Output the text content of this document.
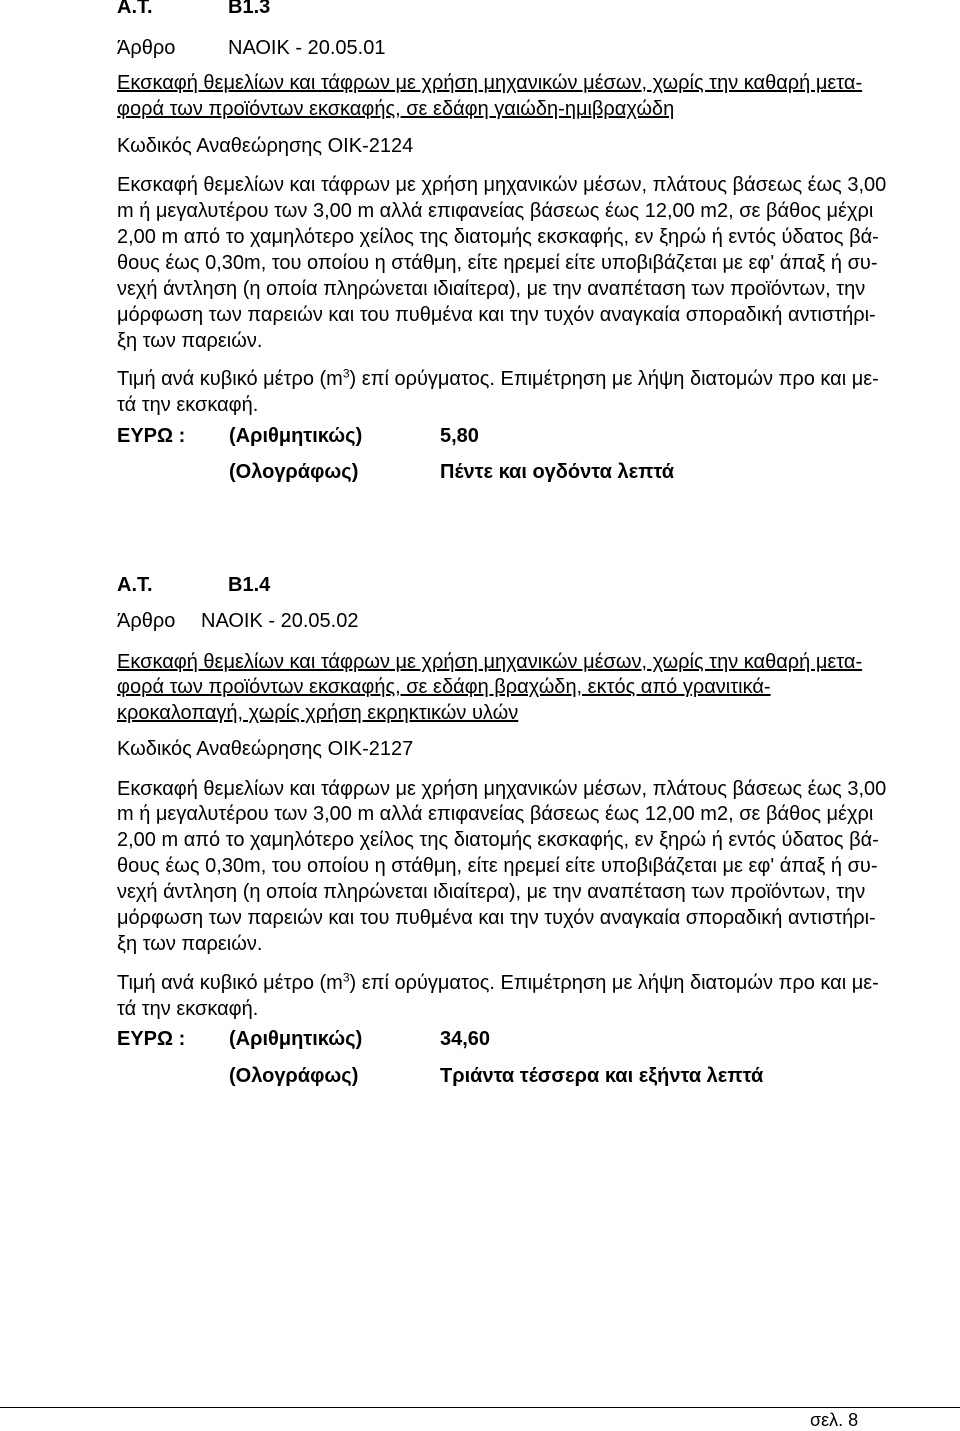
Α.Τ.	Β1.3
Άρθρο	ΝΑΟΙΚ - 20.05.01
Εκσκαφή θεμελίων και τάφρων με χρήση μηχανικών μέσων, χωρίς την καθαρή μετα-
φορά των προϊόντων εκσκαφής, σε εδάφη γαιώδη-ημιβραχώδη
Κωδικός Αναθεώρησης ΟΙΚ-2124
Εκσκαφή θεμελίων και τάφρων με χρήση μηχανικών μέσων, πλάτους βάσεως έως 3,00
m ή μεγαλυτέρου των 3,00 m αλλά επιφανείας βάσεως έως 12,00 m2, σε βάθος μέχρι
2,00 m από το χαμηλότερο χείλος της διατομής εκσκαφής, εν ξηρώ ή εντός ύδατος βά-
θους έως 0,30m, του οποίου η στάθμη, είτε ηρεμεί είτε υποβιβάζεται με εφ' άπαξ ή συ-
νεχή άντληση (η οποία πληρώνεται ιδιαίτερα), με την αναπέταση των προϊόντων, την
μόρφωση των παρειών και του πυθμένα και την τυχόν αναγκαία σποραδική αντιστήρι-
ξη των παρειών.
Τιμή ανά κυβικό μέτρο $(m^3)$ επί ορύγματος. Επιμέτρηση με λήψη διατομών προ και με-
τά την εκσκαφή.
ΕΥΡΩ : (Αριθμητικώς)	5,80
(Ολογράφως)	Πέντε και ογδόντα λεπτά
Α.Τ.	Β1.4
Άρθρο ΝΑΟΙΚ - 20.05.02
Εκσκαφή θεμελίων και τάφρων με χρήση μηχανικών μέσων, χωρίς την καθαρή μετα-
φορά των προϊόντων εκσκαφής, σε εδάφη βραχώδη, εκτός από γρανιτικά-
κροκαλοπαγή, χωρίς χρήση εκρηκτικών υλών
Κωδικός Αναθεώρησης ΟΙΚ-2127
Εκσκαφή θεμελίων και τάφρων με χρήση μηχανικών μέσων, πλάτους βάσεως έως 3,00
m ή μεγαλυτέρου των 3,00 m αλλά επιφανείας βάσεως έως 12,00 m2, σε βάθος μέχρι
2,00 m από το χαμηλότερο χείλος της διατομής εκσκαφής, εν ξηρώ ή εντός ύδατος βά-
θους έως 0,30m, του οποίου η στάθμη, είτε ηρεμεί είτε υποβιβάζεται με εφ' άπαξ ή συ-
νεχή άντληση (η οποία πληρώνεται ιδιαίτερα), με την αναπέταση των προϊόντων, την
μόρφωση των παρειών και του πυθμένα και την τυχόν αναγκαία σποραδική αντιστήρι-
ξη των παρειών.
Τιμή ανά κυβικό μέτρο $(m^3)$ επί ορύγματος. Επιμέτρηση με λήψη διατομών προ και με-
τά την εκσκαφή.
ΕΥΡΩ : (Αριθμητικώς)	34,60
(Ολογράφως)	Τριάντα τέσσερα και εξήντα λεπτά
σελ. 8
